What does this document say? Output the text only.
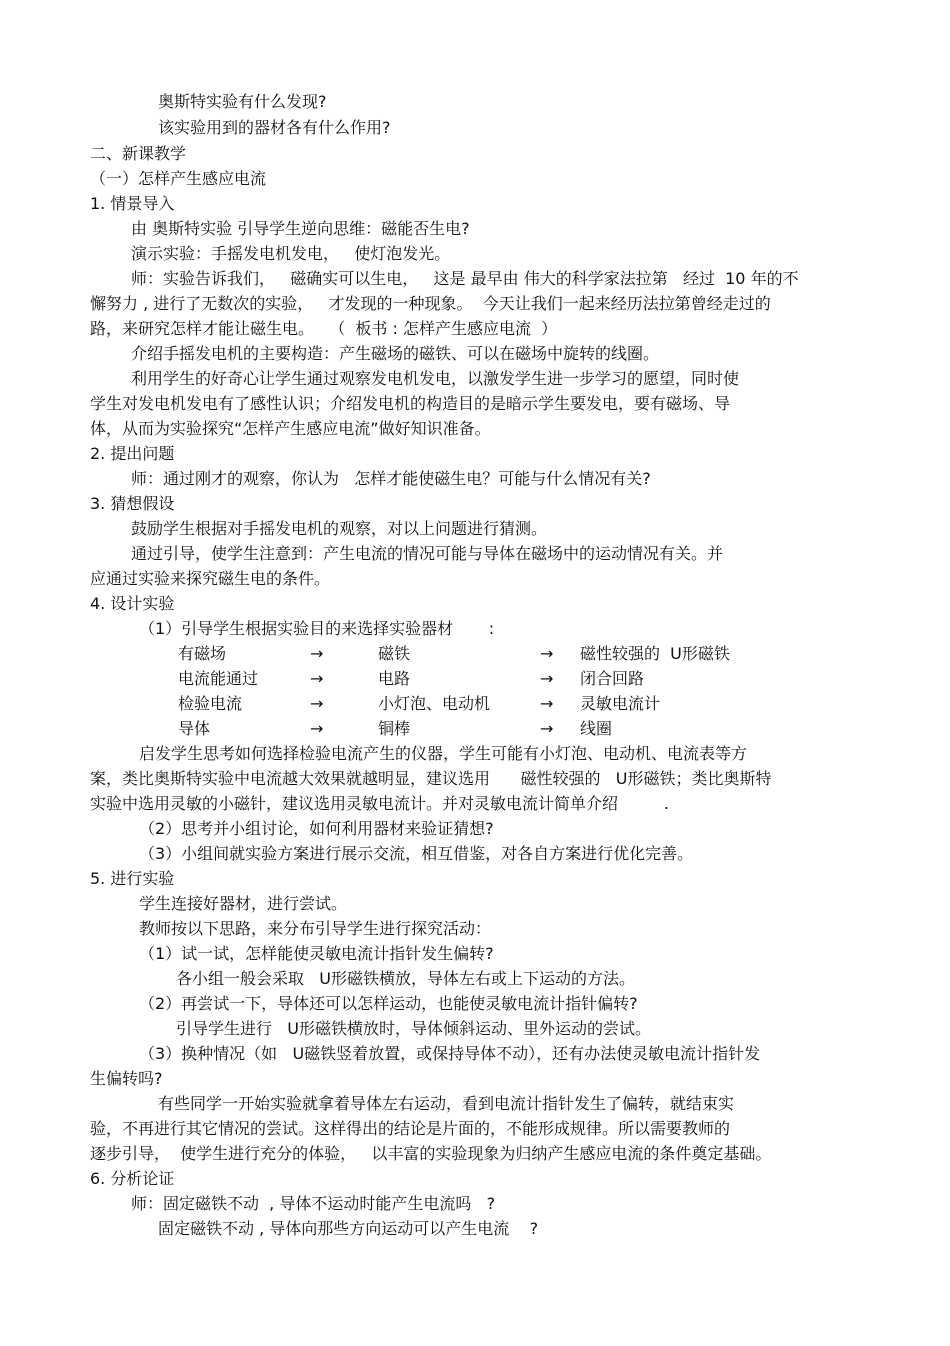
奥斯特实验有什么发现?
该实验用到的器材各有什么作用?
二、新课教学
（一）怎样产生感应电流
1. 情景导入
由 奥斯特实验 引导学生逆向思维：磁能否生电?
演示实验：手摇发电机发电，   使灯泡发光。
师：实验告诉我们，   磁确实可以生电，   这是 最早由 伟大的科学家法拉第   经过  10 年的不
懈努力 , 进行了无数次的实验，   才发现的一种现象。  今天让我们一起来经历法拉第曾经走过的
路，来研究怎样才能让磁生电。   （  板书 : 怎样产生感应电流  ）
介绍手摇发电机的主要构造：产生磁场的磁铁、可以在磁场中旋转的线圈。
利用学生的好奇心让学生通过观察发电机发电，以激发学生进一步学习的愿望，同时使
学生对发电机发电有了感性认识；介绍发电机的构造目的是暗示学生要发电，要有磁场、导
体，从而为实验探究“怎样产生感应电流”做好知识准备。
2. 提出问题
师：通过刚才的观察，你认为   怎样才能使磁生电？可能与什么情况有关?
3. 猜想假设
鼓励学生根据对手摇发电机的观察，对以上问题进行猜测。
通过引导，使学生注意到：产生电流的情况可能与导体在磁场中的运动情况有关。并
应通过实验来探究磁生电的条件。
4. 设计实验
（1）引导学生根据实验目的来选择实验器材       :
有磁场	→	磁铁	→ 磁性较强的  U形磁铁
电流能通过	→	电路	→ 闭合回路
检验电流	→	小灯泡、电动机	→ 灵敏电流计
导体	→	铜棒	→ 线圈
启发学生思考如何选择检验电流产生的仪器，学生可能有小灯泡、电动机、电流表等方
案，类比奥斯特实验中电流越大效果就越明显，建议选用      磁性较强的   U形磁铁；类比奥斯特
实验中选用灵敏的小磁针，建议选用灵敏电流计。并对灵敏电流计简单介绍         .
（2）思考并小组讨论，如何利用器材来验证猜想?
（3）小组间就实验方案进行展示交流，相互借鉴，对各自方案进行优化完善。
5. 进行实验
学生连接好器材，进行尝试。
教师按以下思路，来分布引导学生进行探究活动：
（1）试一试，怎样能使灵敏电流计指针发生偏转?
各小组一般会采取   U形磁铁横放，导体左右或上下运动的方法。
（2）再尝试一下，导体还可以怎样运动，也能使灵敏电流计指针偏转?
引导学生进行   U形磁铁横放时，导体倾斜运动、里外运动的尝试。
（3）换种情况（如   U磁铁竖着放置，或保持导体不动），还有办法使灵敏电流计指针发
生偏转吗?
有些同学一开始实验就拿着导体左右运动，看到电流计指针发生了偏转，就结束实
验，不再进行其它情况的尝试。这样得出的结论是片面的，不能形成规律。所以需要教师的
逐步引导，  使学生进行充分的体验，   以丰富的实验现象为归纳产生感应电流的条件奠定基础。
6. 分析论证
师：固定磁铁不动  , 导体不运动时能产生电流吗   ?
固定磁铁不动 , 导体向那些方向运动可以产生电流    ?
